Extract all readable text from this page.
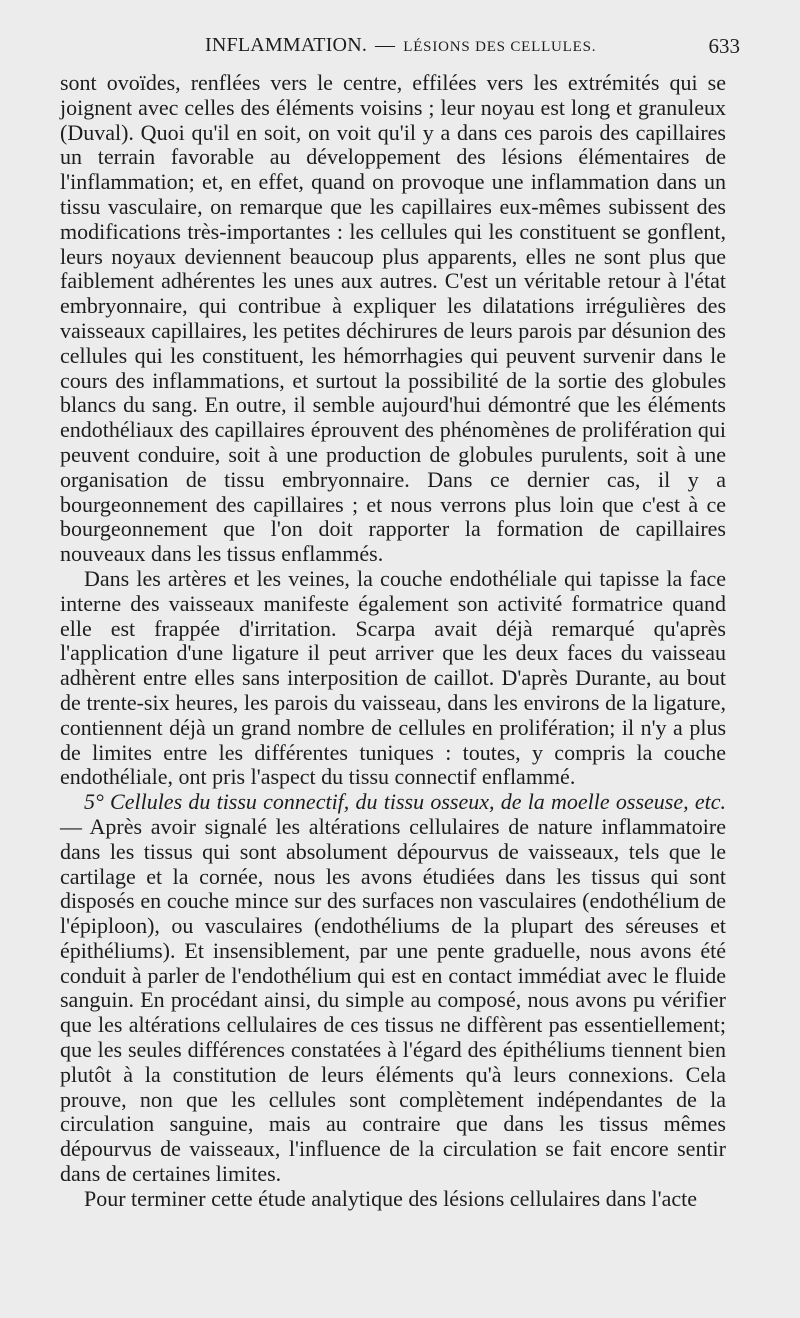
INFLAMMATION. — LÉSIONS DES CELLULES.	633

sont ovoïdes, renflées vers le centre, effilées vers les extrémités qui se joignent avec celles des éléments voisins ; leur noyau est long et granuleux (Duval). Quoi qu'il en soit, on voit qu'il y a dans ces parois des capillaires un terrain favorable au développement des lésions élémentaires de l'inflammation; et, en effet, quand on provoque une inflammation dans un tissu vasculaire, on remarque que les capillaires eux-mêmes subissent des modifications très-importantes : les cellules qui les constituent se gonflent, leurs noyaux deviennent beaucoup plus apparents, elles ne sont plus que faiblement adhérentes les unes aux autres. C'est un véritable retour à l'état embryonnaire, qui contribue à expliquer les dilatations irrégulières des vaisseaux capillaires, les petites déchirures de leurs parois par désunion des cellules qui les constituent, les hémorrhagies qui peuvent survenir dans le cours des inflammations, et surtout la possibilité de la sortie des globules blancs du sang. En outre, il semble aujourd'hui démontré que les éléments endothéliaux des capillaires éprouvent des phénomènes de prolifération qui peuvent conduire, soit à une production de globules purulents, soit à une organisation de tissu embryonnaire. Dans ce dernier cas, il y a bourgeonnement des capillaires ; et nous verrons plus loin que c'est à ce bourgeonnement que l'on doit rapporter la formation de capillaires nouveaux dans les tissus enflammés.

Dans les artères et les veines, la couche endothéliale qui tapisse la face interne des vaisseaux manifeste également son activité formatrice quand elle est frappée d'irritation. Scarpa avait déjà remarqué qu'après l'application d'une ligature il peut arriver que les deux faces du vaisseau adhèrent entre elles sans interposition de caillot. D'après Durante, au bout de trente-six heures, les parois du vaisseau, dans les environs de la ligature, contiennent déjà un grand nombre de cellules en prolifération; il n'y a plus de limites entre les différentes tuniques : toutes, y compris la couche endothéliale, ont pris l'aspect du tissu connectif enflammé.

5° Cellules du tissu connectif, du tissu osseux, de la moelle osseuse, etc. — Après avoir signalé les altérations cellulaires de nature inflammatoire dans les tissus qui sont absolument dépourvus de vaisseaux, tels que le cartilage et la cornée, nous les avons étudiées dans les tissus qui sont disposés en couche mince sur des surfaces non vasculaires (endothélium de l'épiploon), ou vasculaires (endothéliums de la plupart des séreuses et épithéliums). Et insensiblement, par une pente graduelle, nous avons été conduit à parler de l'endothélium qui est en contact immédiat avec le fluide sanguin. En procédant ainsi, du simple au composé, nous avons pu vérifier que les altérations cellulaires de ces tissus ne diffèrent pas essentiellement; que les seules différences constatées à l'égard des épithéliums tiennent bien plutôt à la constitution de leurs éléments qu'à leurs connexions. Cela prouve, non que les cellules sont complètement indépendantes de la circulation sanguine, mais au contraire que dans les tissus mêmes dépourvus de vaisseaux, l'influence de la circulation se fait encore sentir dans de certaines limites.

Pour terminer cette étude analytique des lésions cellulaires dans l'acte
